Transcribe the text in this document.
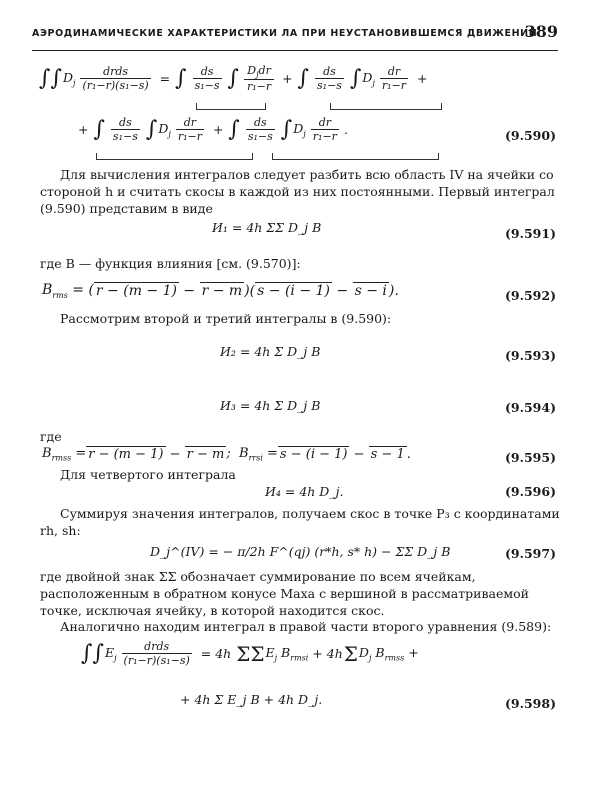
АЭРОДИНАМИЧЕСКИЕ ХАРАКТЕРИСТИКИ ЛА ПРИ НЕУСТАНОВИВШЕМСЯ ДВИЖЕНИИ
389
∫∫ $D_j \frac{\text{drds}}{\text{(r₁−r)(s₁−s)}}$ = ∫ $\frac{ds}{\text{s₁−s}}$ ∫ $\frac{D_jdr}{\text{r₁−r}}$ + ∫ $\frac{ds}{\text{s₁−s}}$ ∫ $D_j \frac{dr}{\text{r₁−r}}$ +
+ ∫ $\frac{ds}{\text{s₁−s}}$ ∫ $D_j \frac{dr}{\text{r₁−r}}$ + ∫ $\frac{ds}{\text{s₁−s}}$ ∫ $D_j \frac{dr}{\text{r₁−r}}$ .	(9.590)
Для вычисления интегралов следует разбить всю область IV на ячейки со стороной h и считать скосы в каждой из них постоянными. Первый интеграл (9.590) представим в виде
И₁ = 4h ΣΣ D_j B	(9.591)
где B — функция влияния [см. (9.570)]:
$B_{rms}$ = ( r − (m − 1) − r − m )( s − (i − 1) − s − i ).	(9.592)
Рассмотрим второй и третий интегралы в (9.590):
И₂ = 4h Σ D_j B	(9.593)
И₃ = 4h Σ D_j B	(9.594)
где
$B_{rmss} = r - (m - 1) - r - m$ ;  $B_{rrsi} = s - (i - 1) - s - 1$ .	(9.595)
Для четвертого интеграла
И₄ = 4h D_j.	(9.596)
Суммируя значения интегралов, получаем скос в точке P₃ с координатами rh, sh:
D_j^(IV) = − π/2h F^(qj) (r*h, s* h) − ΣΣ D_j B	(9.597)
где двойной знак ΣΣ обозначает суммирование по всем ячейкам, расположенным в обратном конусе Маха с вершиной в рассматриваемой точке, исключая ячейку, в которой находится скос.
Аналогично находим интеграл в правой части второго уравнения (9.589):
∫∫ $E_j \frac{\text{drds}}{\text{(r₁−r)(s₁−s)}} = 4h$ ΣΣ $E_j$ $B_{rmsi} + 4h$ Σ $D_j$ $B_{rmss}$ +
+ 4h Σ E_j B + 4h D_j.	(9.598)
